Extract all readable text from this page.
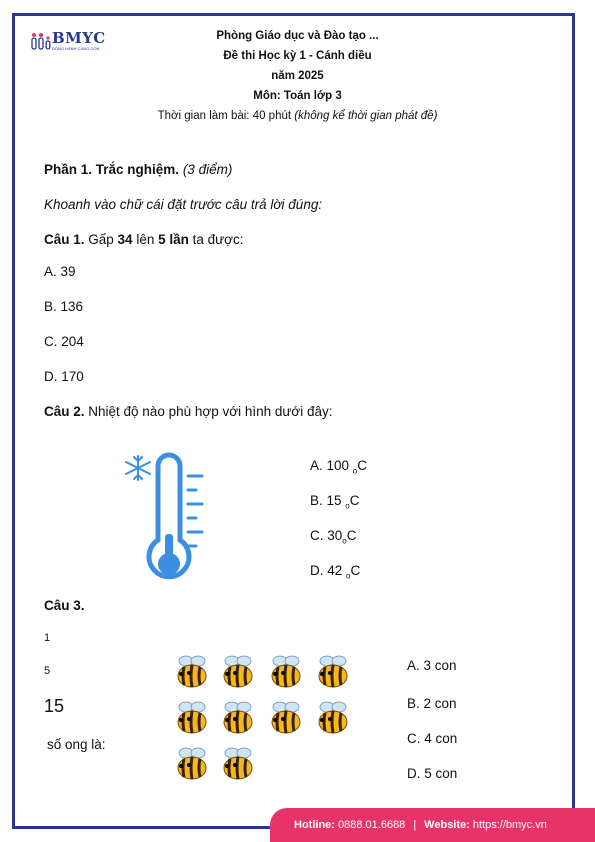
BMYC
ĐỒNG HÀNH CÙNG CON
Phòng Giáo dục và Đào tạo ...
Đề thi Học kỳ 1 - Cánh diều
năm 2025
Môn: Toán lớp 3
Thời gian làm bài: 40 phút (không kể thời gian phát đề)
Phần 1. Trắc nghiệm. (3 điểm)
Khoanh vào chữ cái đặt trước câu trả lời đúng:
Câu 1. Gấp 34 lên 5 lần ta được:
A. 39
B. 136
C. 204
D. 170
Câu 2. Nhiệt độ nào phù hợp với hình dưới đây:
A. 100 $_o$C
B. 15 $_o$C
C. $30_oC$
D. 42 $_o$C
Câu 3.
1
5
15
số ong là:
A. 3 con
B. 2 con
C. 4 con
D. 5 con
Hotline: 0888.01.6688 | Website: https://bmyc.vn
